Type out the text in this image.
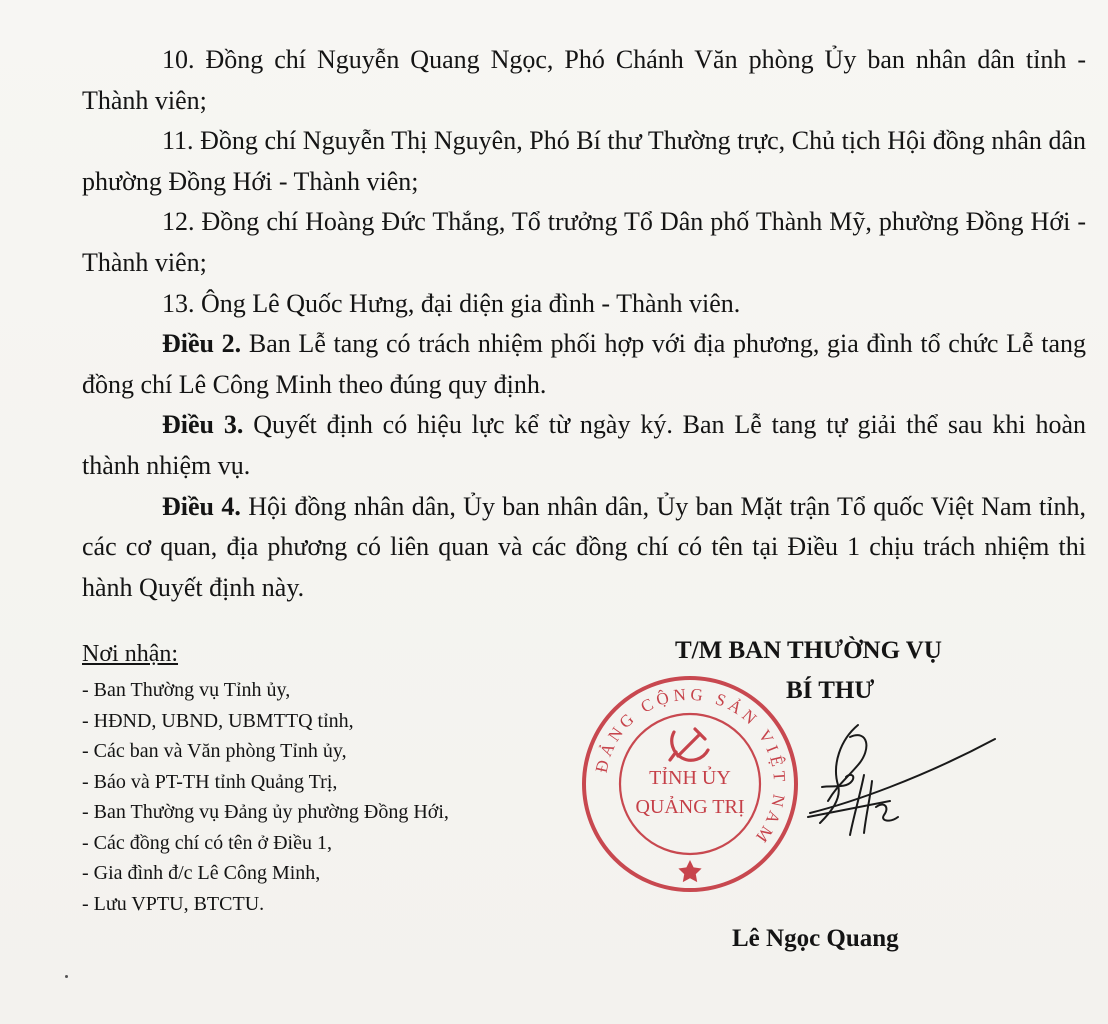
10. Đồng chí Nguyễn Quang Ngọc, Phó Chánh Văn phòng Ủy ban nhân dân tỉnh - Thành viên;

11. Đồng chí Nguyễn Thị Nguyên, Phó Bí thư Thường trực, Chủ tịch Hội đồng nhân dân phường Đồng Hới - Thành viên;

12. Đồng chí Hoàng Đức Thắng, Tổ trưởng Tổ Dân phố Thành Mỹ, phường Đồng Hới - Thành viên;

13. Ông Lê Quốc Hưng, đại diện gia đình - Thành viên.

Điều 2. Ban Lễ tang có trách nhiệm phối hợp với địa phương, gia đình tổ chức Lễ tang đồng chí Lê Công Minh theo đúng quy định.

Điều 3. Quyết định có hiệu lực kể từ ngày ký. Ban Lễ tang tự giải thể sau khi hoàn thành nhiệm vụ.

Điều 4. Hội đồng nhân dân, Ủy ban nhân dân, Ủy ban Mặt trận Tổ quốc Việt Nam tỉnh, các cơ quan, địa phương có liên quan và các đồng chí có tên tại Điều 1 chịu trách nhiệm thi hành Quyết định này.

Nơi nhận:
- Ban Thường vụ Tỉnh ủy,
- HĐND, UBND, UBMTTQ tỉnh,
- Các ban và Văn phòng Tỉnh ủy,
- Báo và PT-TH tỉnh Quảng Trị,
- Ban Thường vụ Đảng ủy phường Đồng Hới,
- Các đồng chí có tên ở Điều 1,
- Gia đình đ/c Lê Công Minh,
- Lưu VPTU, BTCTU.
T/M BAN THƯỜNG VỤ
BÍ THƯ
Lê Ngọc Quang
ĐẢNG CỘNG SẢN VIỆT NAM
TỈNH ỦY
QUẢNG TRỊ
